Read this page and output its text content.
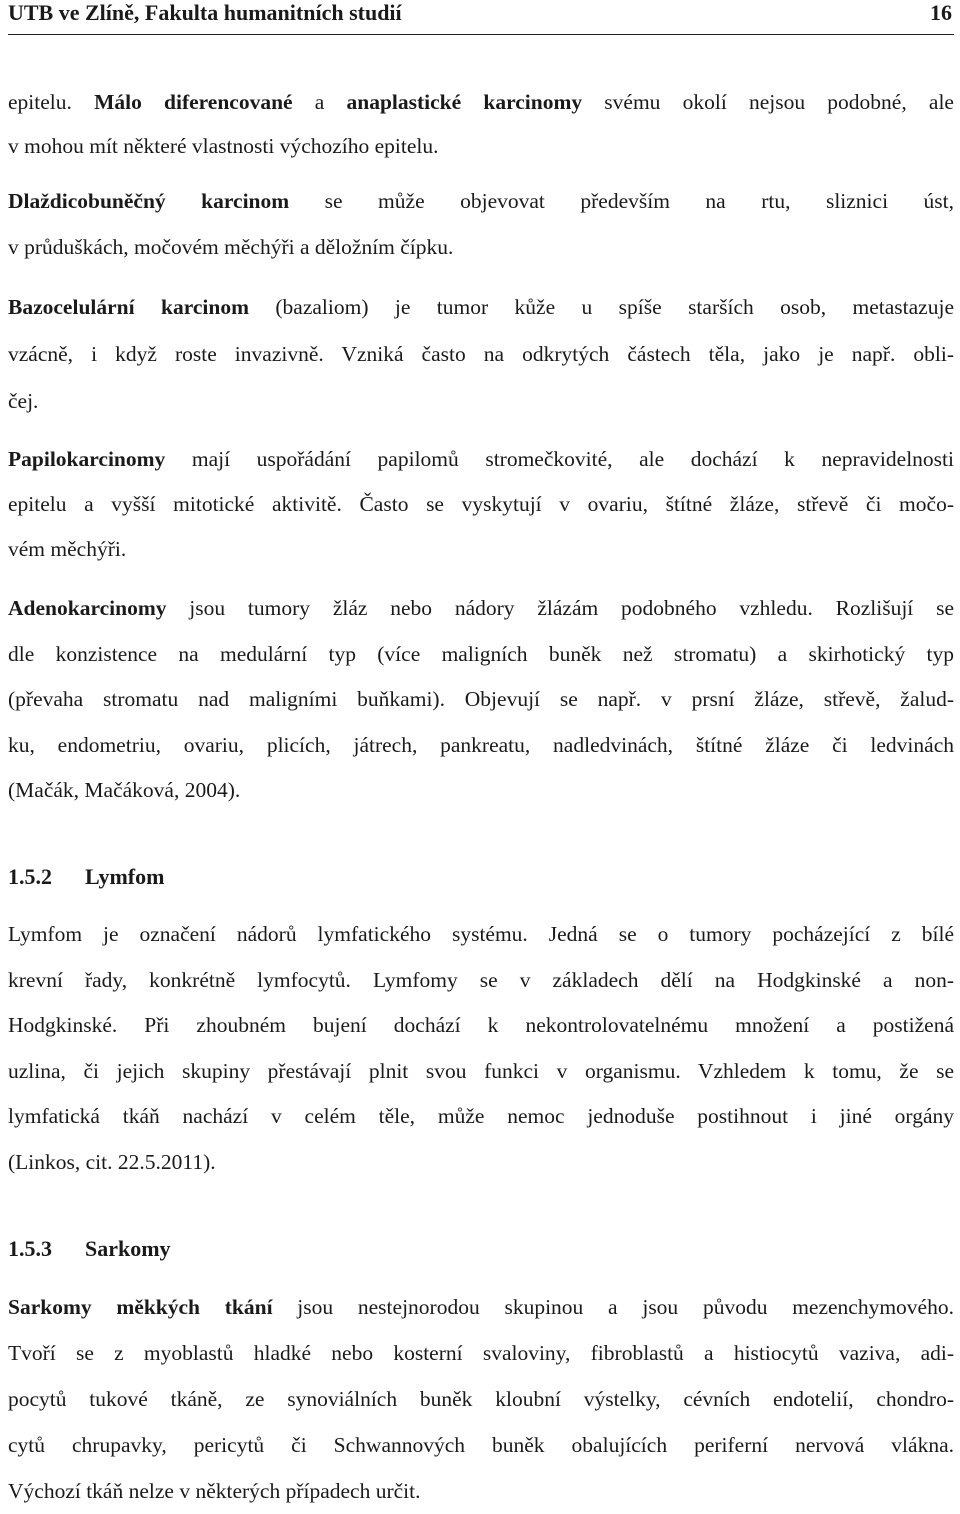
UTB ve Zlíně, Fakulta humanitních studií	16
epitelu. Málo diferencované a anaplastické karcinomy svému okolí nejsou podobné, ale
v mohou mít některé vlastnosti výchozího epitelu.
Dlaždicobuněčný karcinom se může objevovat především na rtu, sliznici úst,
v průduškách, močovém měchýři a děložním čípku.
Bazocelulární karcinom (bazaliom) je tumor kůže u spíše starších osob, metastazuje
vzácně, i když roste invazivně. Vzniká často na odkrytých částech těla, jako je např. obli-
čej.
Papilokarcinomy mají uspořádání papilomů stromečkovité, ale dochází k nepravidelnosti
epitelu a vyšší mitotické aktivitě. Často se vyskytují v ovariu, štítné žláze, střevě či močo-
vém měchýři.
Adenokarcinomy jsou tumory žláz nebo nádory žlázám podobného vzhledu. Rozlišují se
dle konzistence na medulární typ (více maligních buněk než stromatu) a skirhotický typ
(převaha stromatu nad maligními buňkami). Objevují se např. v prsní žláze, střevě, žalud-
ku, endometriu, ovariu, plicích, játrech, pankreatu, nadledvinách, štítné žláze či ledvinách
(Mačák, Mačáková, 2004).
1.5.2 Lymfom
Lymfom je označení nádorů lymfatického systému. Jedná se o tumory pocházející z bílé
krevní řady, konkrétně lymfocytů. Lymfomy se v základech dělí na Hodgkinské a non-
Hodgkinské. Při zhoubném bujení dochází k nekontrolovatelnému množení a postižená
uzlina, či jejich skupiny přestávají plnit svou funkci v organismu. Vzhledem k tomu, že se
lymfatická tkáň nachází v celém těle, může nemoc jednoduše postihnout i jiné orgány
(Linkos, cit. 22.5.2011).
1.5.3 Sarkomy
Sarkomy měkkých tkání jsou nestejnorodou skupinou a jsou původu mezenchymového.
Tvoří se z myoblastů hladké nebo kosterní svaloviny, fibroblastů a histiocytů vaziva, adi-
pocytů tukové tkáně, ze synoviálních buněk kloubní výstelky, cévních endotelií, chondro-
cytů chrupavky, pericytů či Schwannových buněk obalujících periferní nervová vlákna.
Výchozí tkáň nelze v některých případech určit.
